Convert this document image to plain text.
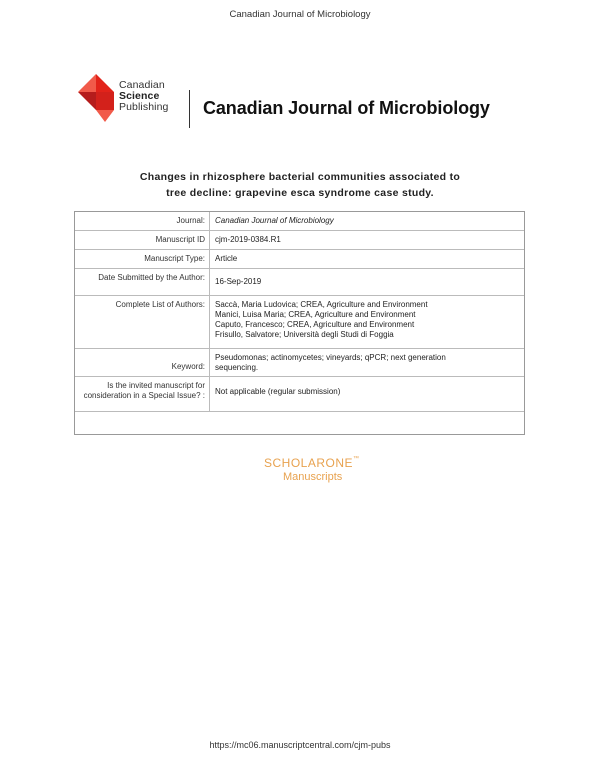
Canadian Journal of Microbiology
Canadian
Science
Publishing Canadian Journal of Microbiology
Changes in rhizosphere bacterial communities associated to
tree decline: grapevine esca syndrome case study.
Journal:	Canadian Journal of Microbiology
Manuscript ID	cjm-2019-0384.R1
Manuscript Type:	Article
Date Submitted by the Author:	16-Sep-2019
Complete List of Authors:	Saccà, Maria Ludovica; CREA, Agriculture and Environment
Manici, Luisa Maria; CREA, Agriculture and Environment
Caputo, Francesco; CREA, Agriculture and Environment
Frisullo, Salvatore; Università degli Studi di Foggia
Keyword:
Pseudomonas; actinomycetes; vineyards; qPCR; next generation
sequencing.
Is the invited manuscript for consideration in a Special Issue? :	Not applicable (regular submission)
SCHOLARONE™
Manuscripts
https://mc06.manuscriptcentral.com/cjm-pubs
